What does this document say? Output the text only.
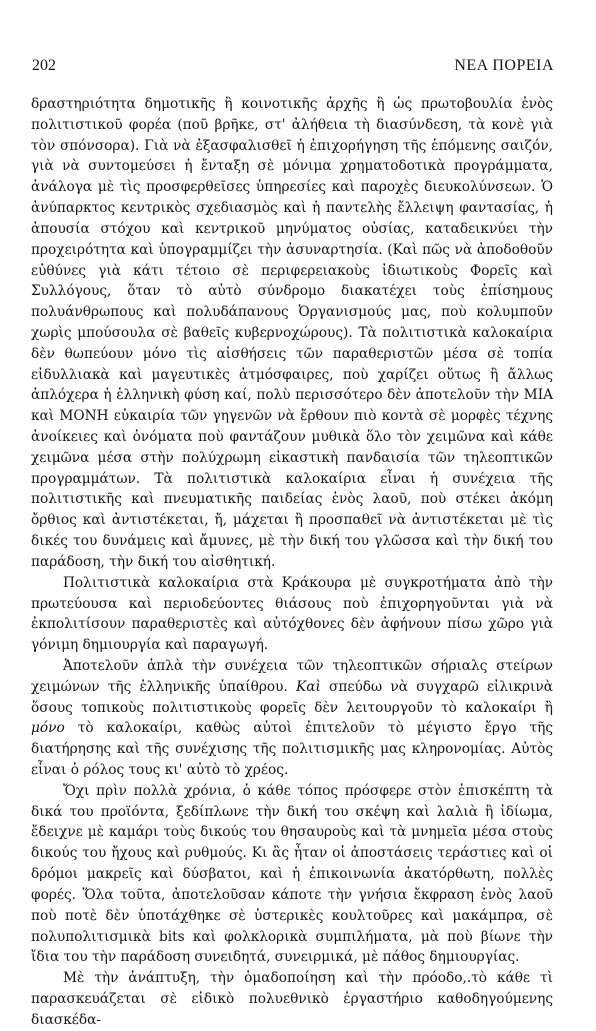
202	ΝΕΑ ΠΟΡΕΙΑ

δραστηριότητα δημοτικῆς ἢ κοινοτικῆς ἀρχῆς ἢ ὡς πρωτοβουλία ἑνὸς πολιτιστικοῦ φορέα (ποῦ βρῆκε, στ' ἀλήθεια τὴ διασύνδεση, τὰ κονὲ γιὰ τὸν σπόνσορα). Γιὰ νὰ ἐξασφαλισθεῖ ἡ ἐπιχορήγηση τῆς ἑπόμενης σαιζόν, γιὰ νὰ συντομεύσει ἡ ἔνταξη σὲ μόνιμα χρηματοδοτικὰ προγράμματα, ἀνάλογα μὲ τὶς προσφερθεῖσες ὑπηρεσίες καὶ παροχὲς διευκολύνσεων. Ὁ ἀνύπαρκτος κεντρικὸς σχεδιασμὸς καὶ ἡ παντελὴς ἔλλειψη φαντασίας, ἡ ἀπουσία στόχου καὶ κεντρικοῦ μηνύματος οὐσίας, καταδεικνύει τὴν προχειρότητα καὶ ὑπογραμμίζει τὴν ἀσυναρτησία. (Καὶ πῶς νὰ ἀποδοθοῦν εὐθύνες γιὰ κάτι τέτοιο σὲ περιφερειακοὺς ἰδιωτικοὺς Φορεῖς καὶ Συλλόγους, ὅταν τὸ αὐτὸ σύνδρομο διακατέχει τοὺς ἐπίσημους πολυάνθρωπους καὶ πολυδάπανους Ὀργανισμούς μας, ποὺ κολυμποῦν χωρὶς μπούσουλα σὲ βαθεῖς κυβερνοχώρους). Τὰ πολιτιστικὰ καλοκαίρια δὲν θωπεύουν μόνο τὶς αἰσθήσεις τῶν παραθεριστῶν μέσα σὲ τοπία εἰδυλλιακὰ καὶ μαγευτικὲς ἀτμόσφαιρες, ποὺ χαρίζει οὕτως ἢ ἄλλως ἁπλόχερα ἡ ἑλληνικὴ φύση καί, πολὺ περισσότερο δὲν ἀποτελοῦν τὴν ΜΙΑ καὶ ΜΟΝΗ εὐκαιρία τῶν γηγενῶν νὰ ἔρθουν πιὸ κοντὰ σὲ μορφὲς τέχνης ἀνοίκειες καὶ ὀνόματα ποὺ φαντάζουν μυθικὰ ὅλο τὸν χειμῶνα καὶ κάθε χειμῶνα μέσα στὴν πολύχρωμη εἰκαστικὴ πανδαισία τῶν τηλεοπτικῶν προγραμμάτων. Τὰ πολιτιστικὰ καλοκαίρια εἶναι ἡ συνέχεια τῆς πολιτιστικῆς καὶ πνευματικῆς παιδείας ἑνὸς λαοῦ, ποὺ στέκει ἀκόμη ὄρθιος καὶ ἀντιστέκεται, ἤ, μάχεται ἢ προσπαθεῖ νὰ ἀντιστέκεται μὲ τὶς δικές του δυνάμεις καὶ ἄμυνες, μὲ τὴν δική του γλῶσσα καὶ τὴν δική του παράδοση, τὴν δική του αἰσθητική.

Πολιτιστικὰ καλοκαίρια στὰ Κράκουρα μὲ συγκροτήματα ἀπὸ τὴν πρωτεύουσα καὶ περιοδεύοντες θιάσους ποὺ ἐπιχορηγοῦνται γιὰ νὰ ἐκπολιτίσουν παραθεριστὲς καὶ αὐτόχθονες δὲν ἀφήνουν πίσω χῶρο γιὰ γόνιμη δημιουργία καὶ παραγωγή.

Ἀποτελοῦν ἁπλὰ τὴν συνέχεια τῶν τηλεοπτικῶν σήριαλς στείρων χειμώνων τῆς ἑλληνικῆς ὑπαίθρου. Καὶ σπεύδω νὰ συγχαρῶ εἰλικρινὰ ὅσους τοπικοὺς πολιτιστικοὺς φορεῖς δὲν λειτουργοῦν τὸ καλοκαίρι ἢ μόνο τὸ καλοκαίρι, καθὼς αὐτοὶ ἐπιτελοῦν τὸ μέγιστο ἔργο τῆς διατήρησης καὶ τῆς συνέχισης τῆς πολιτισμικῆς μας κληρονομίας. Αὐτὸς εἶναι ὁ ρόλος τους κι' αὐτὸ τὸ χρέος.

Ὄχι πρὶν πολλὰ χρόνια, ὁ κάθε τόπος πρόσφερε στὸν ἐπισκέπτη τὰ δικά του προϊόντα, ξεδίπλωνε τὴν δική του σκέψη καὶ λαλιὰ ἢ ἰδίωμα, ἔδειχνε μὲ καμάρι τοὺς δικούς του θησαυροὺς καὶ τὰ μνημεῖα μέσα στοὺς δικούς του ἤχους καὶ ρυθμούς. Κι ἂς ἦταν οἱ ἀποστάσεις τεράστιες καὶ οἱ δρόμοι μακρεῖς καὶ δύσβατοι, καὶ ἡ ἐπικοινωνία ἀκατόρθωτη, πολλὲς φορές. Ὅλα τοῦτα, ἀποτελοῦσαν κάποτε τὴν γνήσια ἔκφραση ἑνὸς λαοῦ ποὺ ποτὲ δὲν ὑποτάχθηκε σὲ ὑστερικὲς κουλτοῦρες καὶ μακάμπρα, σὲ πολυπολιτισμικὰ bits καὶ φολκλορικὰ συμπιλήματα, μὰ ποὺ βίωνε τὴν ἴδια του τὴν παράδοση συνειδητά, συνειρμικά, μὲ πάθος δημιουργίας.

Μὲ τὴν ἀνάπτυξη, τὴν ὁμαδοποίηση καὶ τὴν πρόοδο,.τὸ κάθε τὶ παρασκευάζεται σὲ εἰδικὸ πολυεθνικὸ ἐργαστήριο καθοδηγούμενης διασκέδα-
